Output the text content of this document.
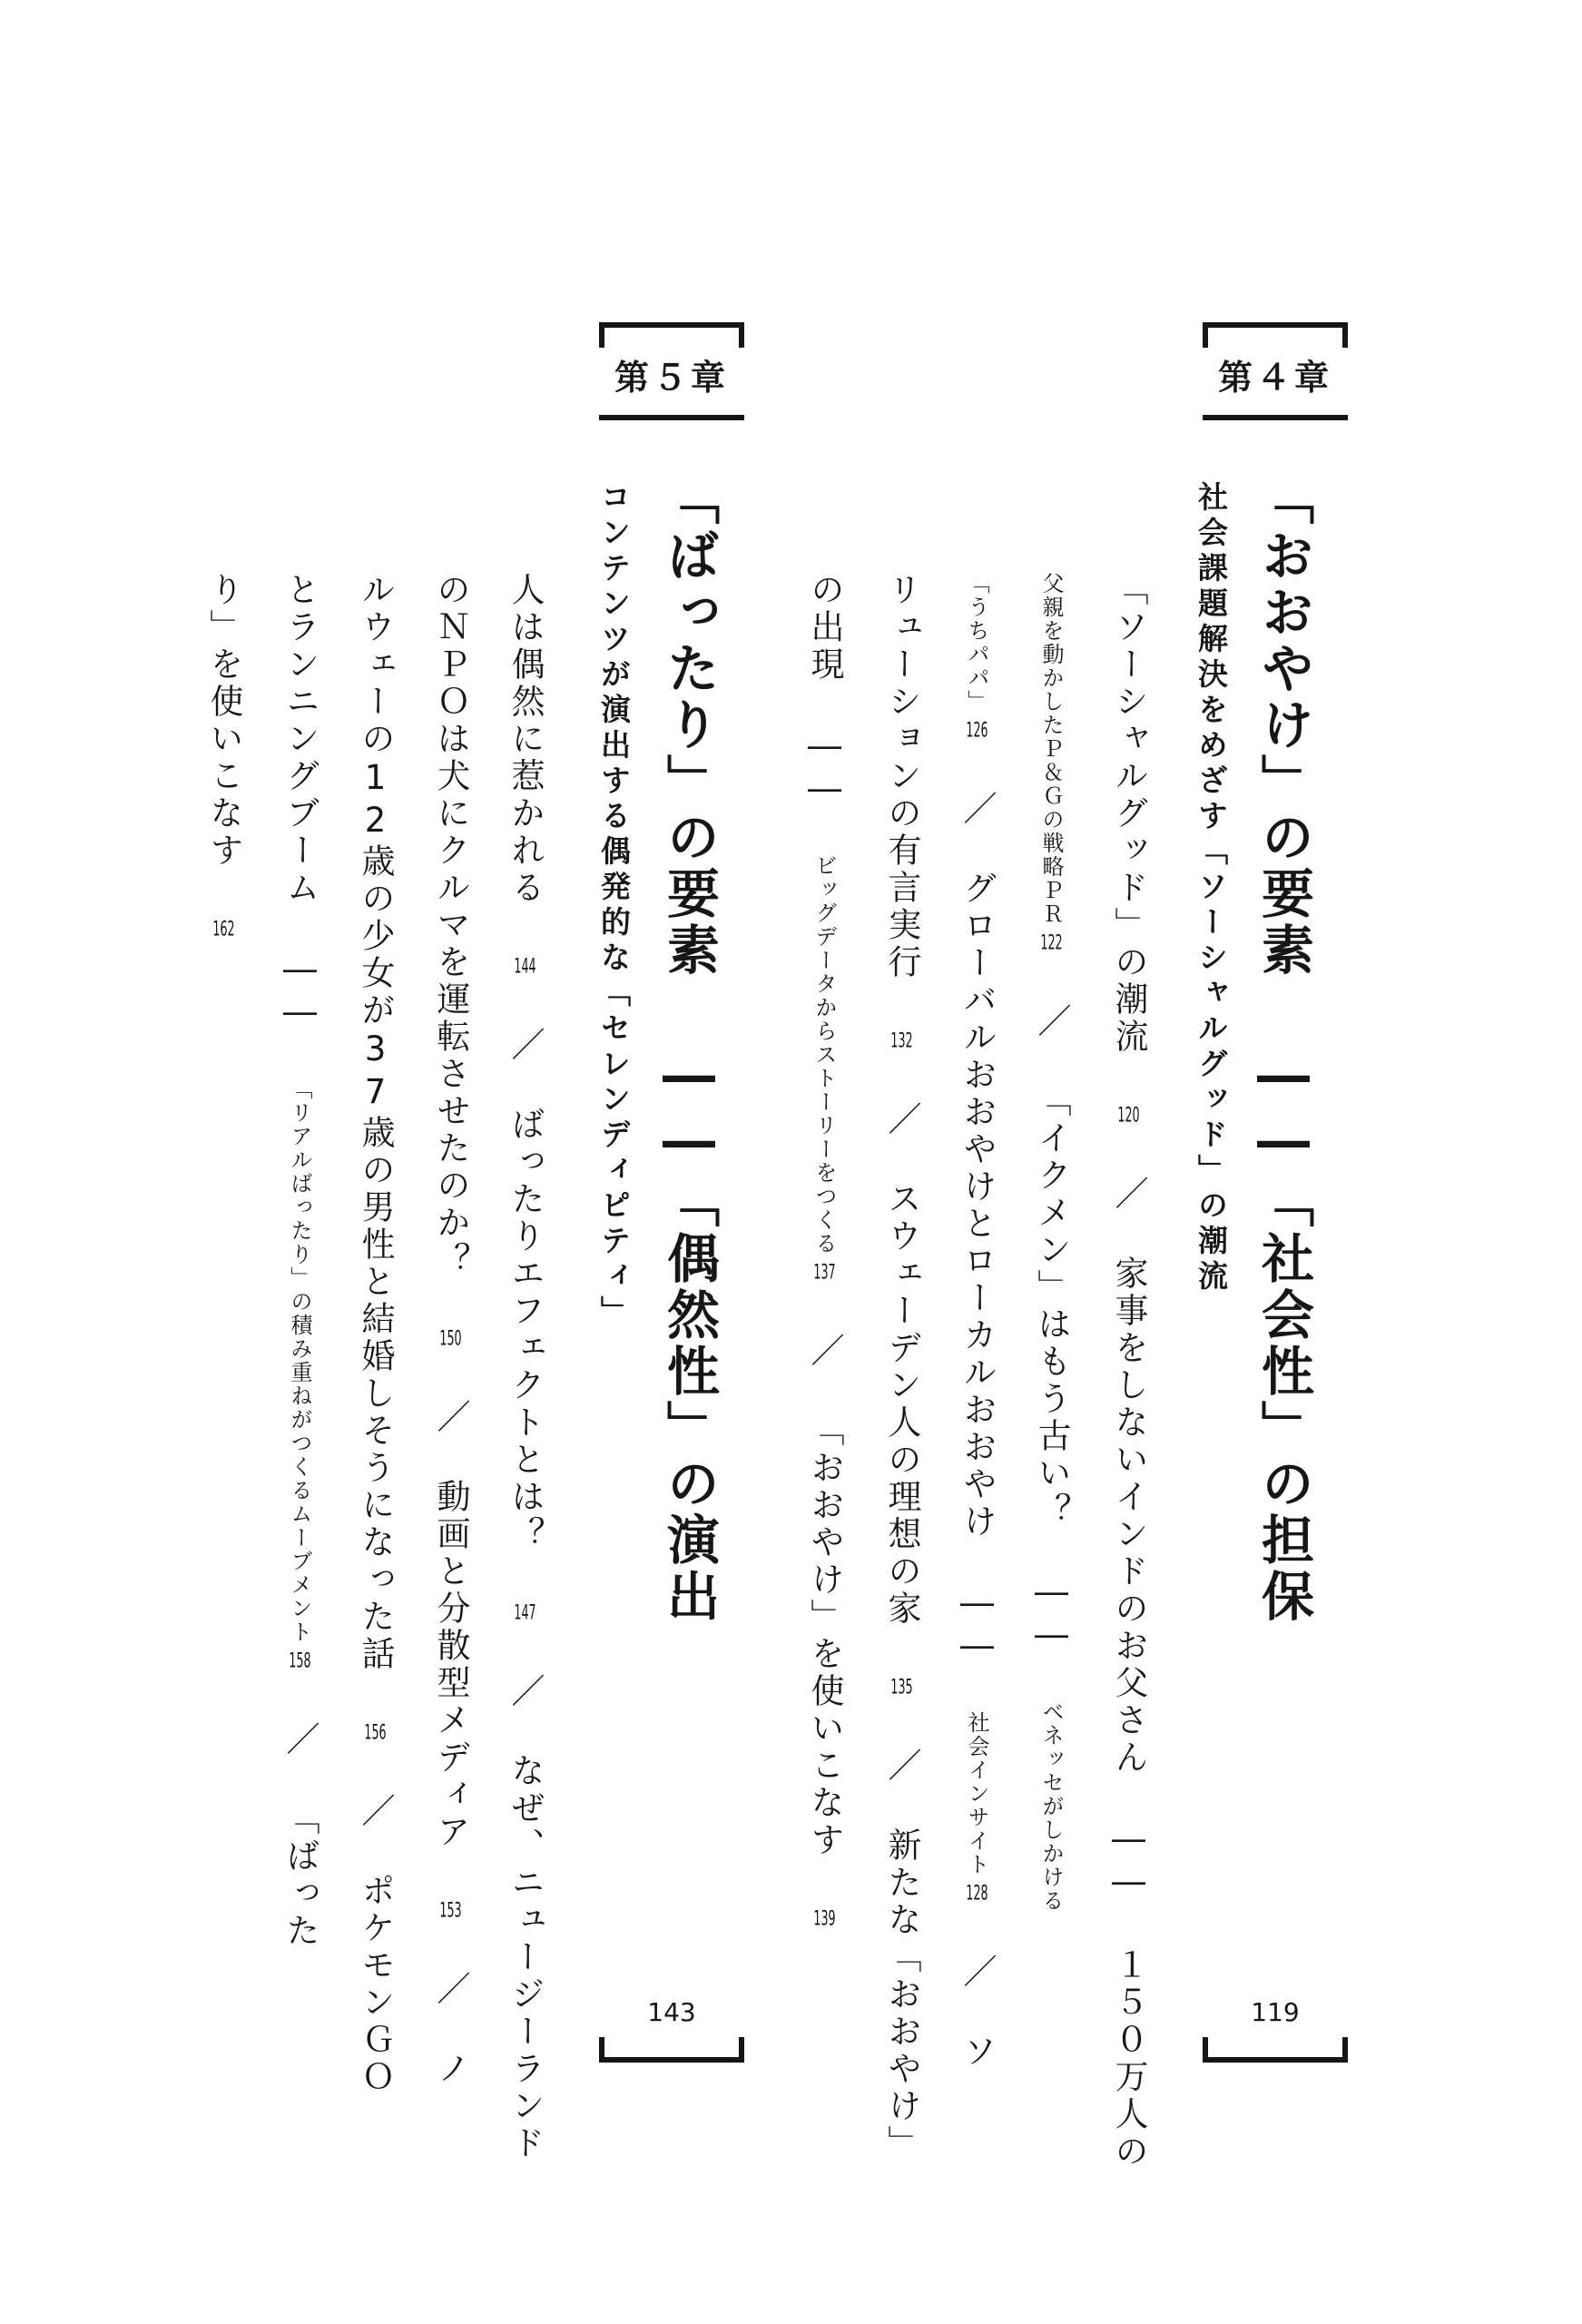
第４章
「おおやけ」の要素 ――「社会性」の担保
社会課題解決をめざす「ソーシャルグッド」の潮流
「ソーシャルグッド」の潮流 120 ／ 家事をしないインドのお父さん ―― １５０万人の
父親を動かしたＰ＆Ｇの戦略ＰＲ122 ／ 「イクメン」はもう古い？ ―― ベネッセがしかける
「うちパパ」126 ／ グローバルおおやけとローカルおおやけ ―― 社会インサイト128 ／ ソ
リューションの有言実行 132 ／ スウェーデン人の理想の家 135 ／ 新たな「おおやけ」
の出現 ―― ビッグデータからストーリーをつくる137 ／ 「おおやけ」を使いこなす 139
119
第５章
「ばったり」の要素 ――「偶然性」の演出
コンテンツが演出する偶発的な「セレンディピティ」
人は偶然に惹かれる 144 ／ ばったりエフェクトとは？ 147 ／ なぜ、ニュージーランド
のＮＰＯは犬にクルマを運転させたのか？ 150 ／ 動画と分散型メディア 153 ／ ノ
ルウェーの12歳の少女が37歳の男性と結婚しそうになった話 156 ／ ポケモンＧＯ
とランニングブーム ―― 「リアルばったり」の積み重ねがつくるムーブメント158 ／ 「ばった
り」を使いこなす 162
143
